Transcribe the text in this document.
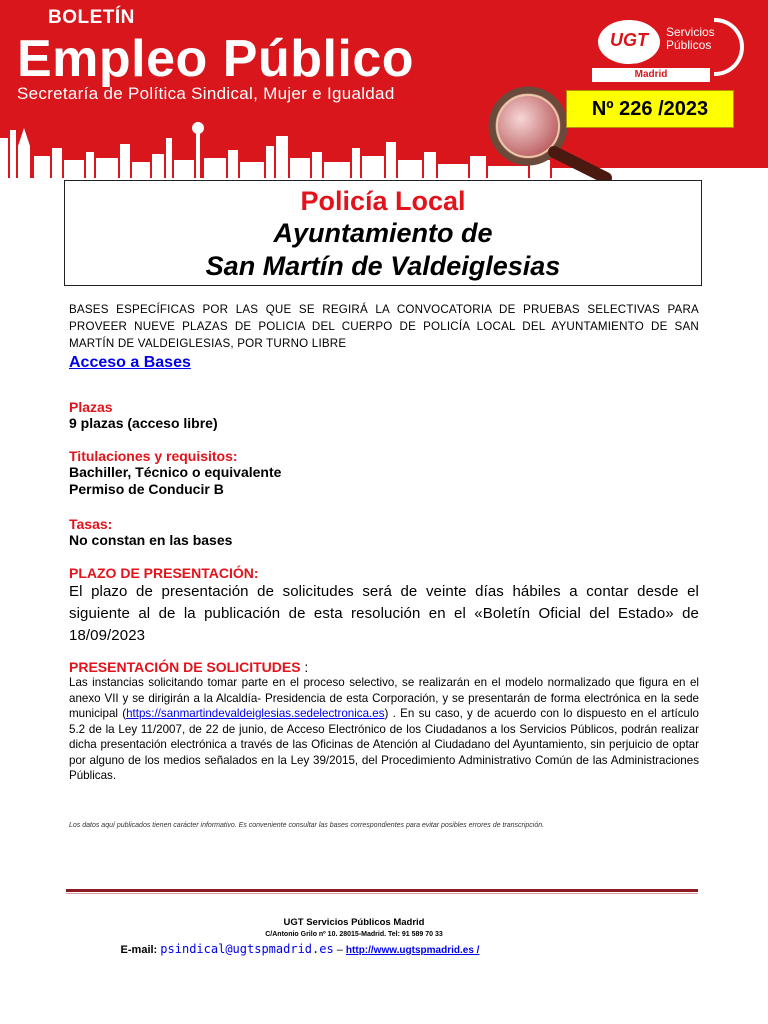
BOLETÍN
Empleo Público
Secretaría de Política Sindical, Mujer e Igualdad
UGT	Servicios
Públicos
Madrid
Nº 226 /2023
Policía Local
Ayuntamiento de
San Martín de Valdeiglesias
BASES ESPECÍFICAS POR LAS QUE SE REGIRÁ LA CONVOCATORIA DE PRUEBAS SELECTIVAS PARA PROVEER NUEVE PLAZAS DE POLICIA DEL CUERPO DE POLICÍA LOCAL DEL AYUNTAMIENTO DE SAN MARTÍN DE VALDEIGLESIAS, POR TURNO LIBRE
Acceso a Bases
Plazas
9 plazas (acceso libre)
Titulaciones y requisitos:
Bachiller, Técnico o equivalente
Permiso de Conducir B
Tasas:
No constan en las bases
PLAZO DE PRESENTACIÓN:
El plazo de presentación de solicitudes será de veinte días hábiles a contar desde el siguiente al de la publicación de esta resolución en el «Boletín Oficial del Estado» de 18/09/2023
PRESENTACIÓN DE SOLICITUDES :
Las instancias solicitando tomar parte en el proceso selectivo, se realizarán en el modelo normalizado que figura en el anexo VII y se dirigirán a la Alcaldía- Presidencia de esta Corporación, y se presentarán de forma electrónica en la sede municipal (https://sanmartindevaldeiglesias.sedelectronica.es) . En su caso, y de acuerdo con lo dispuesto en el artículo 5.2 de la Ley 11/2007, de 22 de junio, de Acceso Electrónico de los Ciudadanos a los Servicios Públicos, podrán realizar dicha presentación electrónica a través de las Oficinas de Atención al Ciudadano del Ayuntamiento, sin perjuicio de optar por alguno de los medios señalados en la Ley 39/2015, del Procedimiento Administrativo Común de las Administraciones Públicas.
Los datos aquí publicados tienen carácter informativo. Es conveniente consultar las bases correspondientes para evitar posibles errores de transcripción.
UGT Servicios Públicos Madrid
C/Antonio Grilo nº 10. 28015-Madrid. Tel: 91 589 70 33
E-mail: psindical@ugtspmadrid.es – http://www.ugtspmadrid.es /
